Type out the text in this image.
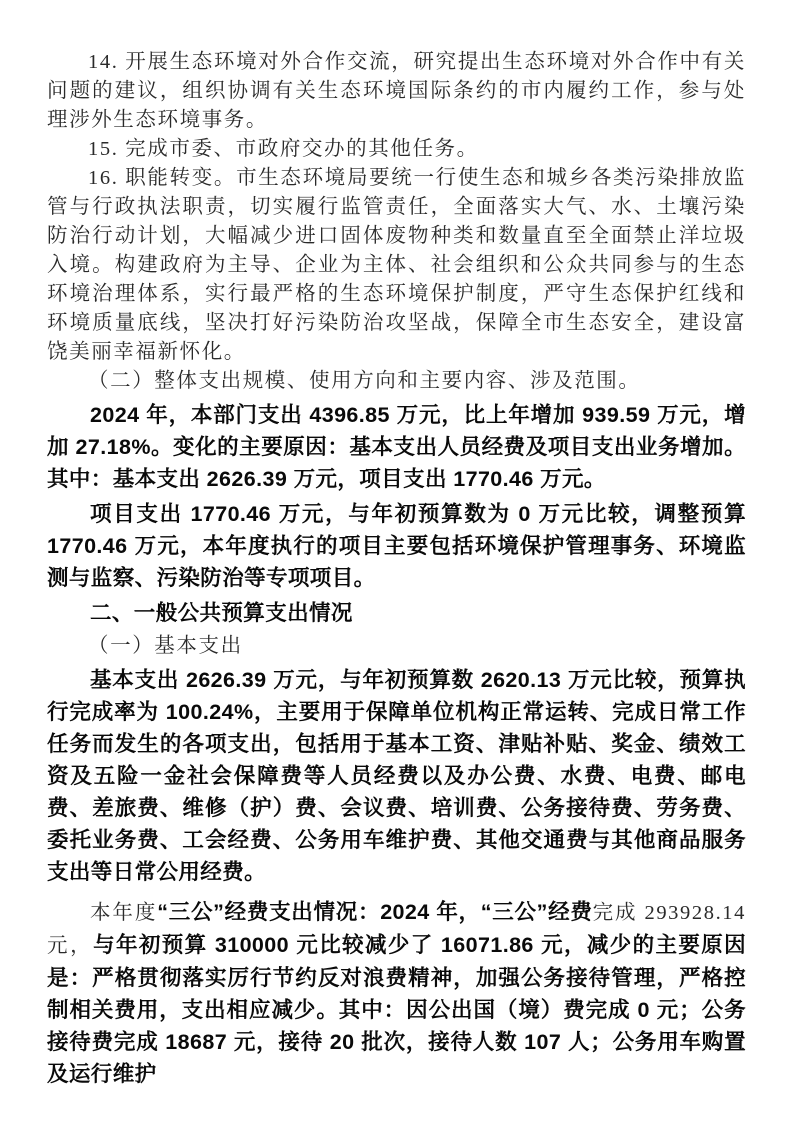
14. 开展生态环境对外合作交流，研究提出生态环境对外合作中有关问题的建议，组织协调有关生态环境国际条约的市内履约工作，参与处理涉外生态环境事务。

15. 完成市委、市政府交办的其他任务。

16. 职能转变。市生态环境局要统一行使生态和城乡各类污染排放监管与行政执法职责，切实履行监管责任，全面落实大气、水、土壤污染防治行动计划，大幅减少进口固体废物种类和数量直至全面禁止洋垃圾入境。构建政府为主导、企业为主体、社会组织和公众共同参与的生态环境治理体系，实行最严格的生态环境保护制度，严守生态保护红线和环境质量底线，坚决打好污染防治攻坚战，保障全市生态安全，建设富饶美丽幸福新怀化。

（二）整体支出规模、使用方向和主要内容、涉及范围。

2024 年，本部门支出 4396.85 万元，比上年增加 939.59 万元，增加 27.18%。变化的主要原因：基本支出人员经费及项目支出业务增加。其中：基本支出 2626.39 万元，项目支出 1770.46 万元。

项目支出 1770.46 万元，与年初预算数为 0 万元比较，调整预算 1770.46 万元，本年度执行的项目主要包括环境保护管理事务、环境监测与监察、污染防治等专项项目。

二、一般公共预算支出情况

（一）基本支出

基本支出 2626.39 万元，与年初预算数 2620.13 万元比较，预算执行完成率为 100.24%，主要用于保障单位机构正常运转、完成日常工作任务而发生的各项支出，包括用于基本工资、津贴补贴、奖金、绩效工资及五险一金社会保障费等人员经费以及办公费、水费、电费、邮电费、差旅费、维修（护）费、会议费、培训费、公务接待费、劳务费、委托业务费、工会经费、公务用车维护费、其他交通费与其他商品服务支出等日常公用经费。

本年度“三公”经费支出情况：2024 年，“三公”经费完成 293928.14 元，与年初预算 310000 元比较减少了 16071.86 元，减少的主要原因是：严格贯彻落实厉行节约反对浪费精神，加强公务接待管理，严格控制相关费用，支出相应减少。其中：因公出国（境）费完成 0 元；公务接待费完成 18687 元，接待 20 批次，接待人数 107 人；公务用车购置及运行维护
